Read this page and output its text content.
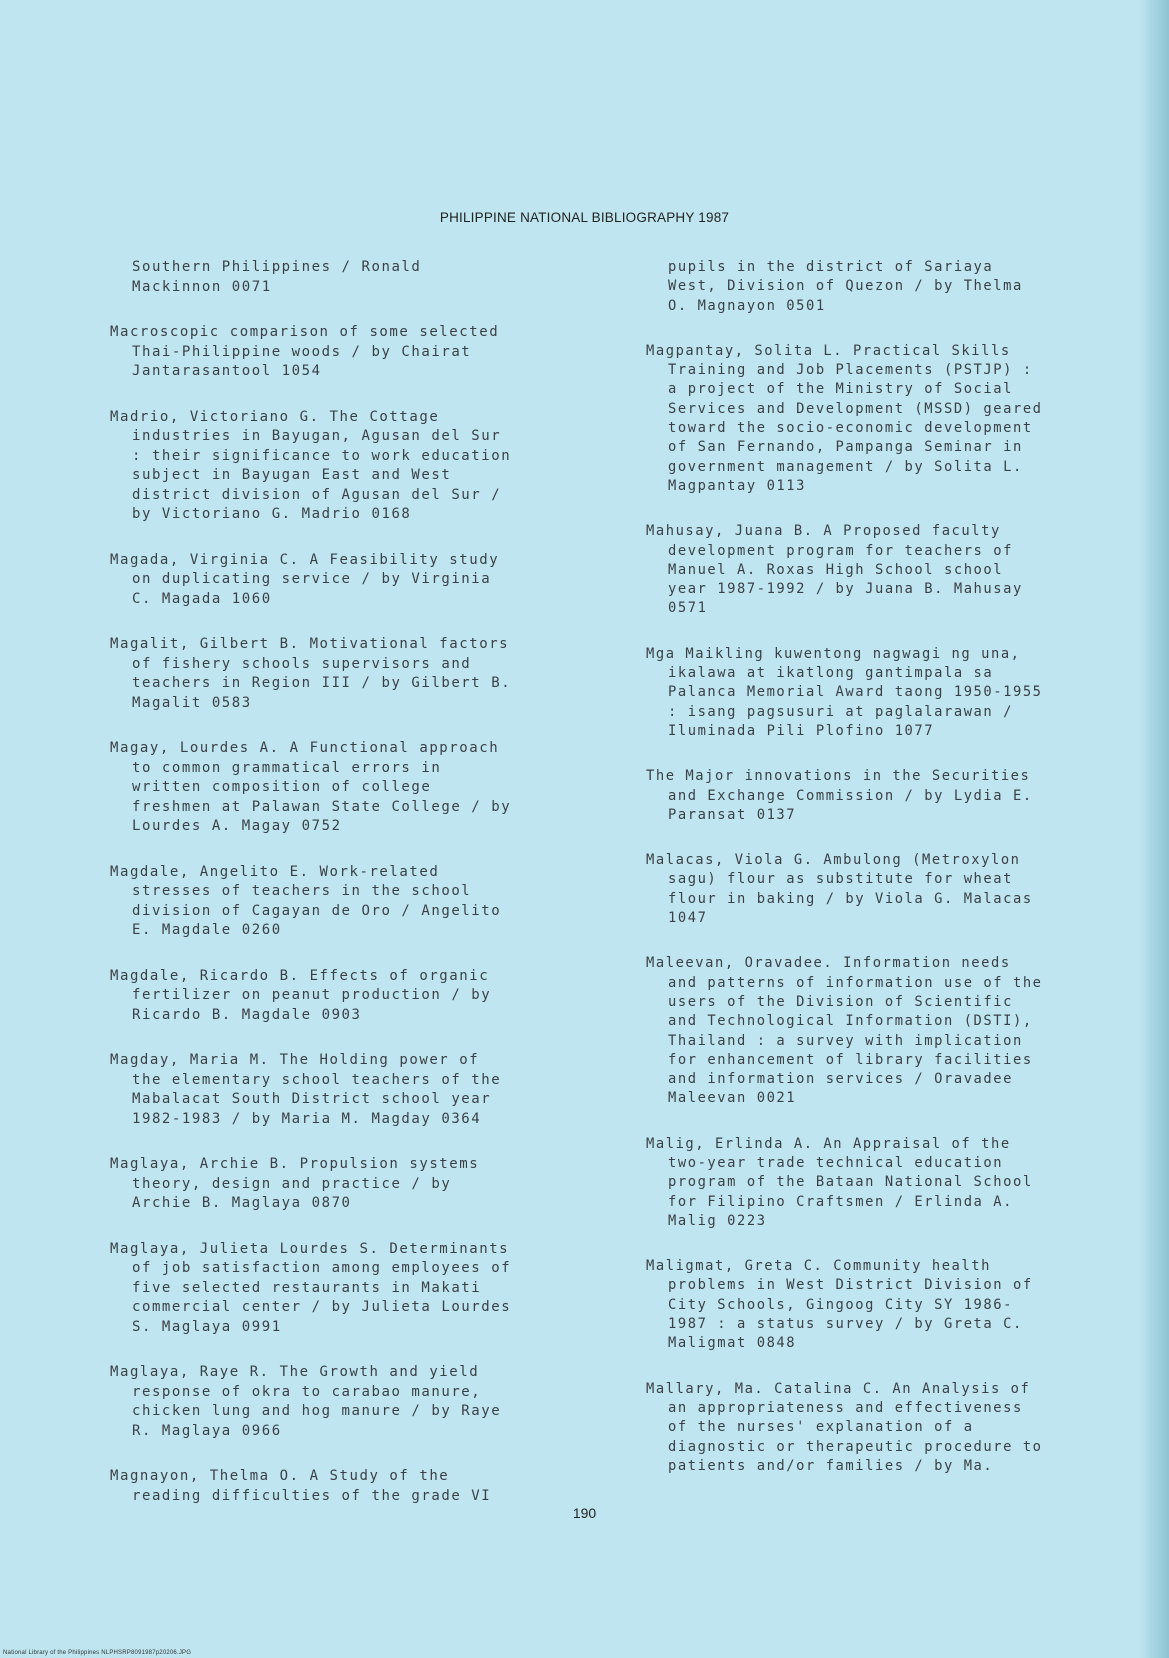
PHILIPPINE NATIONAL BIBLIOGRAPHY 1987
Southern Philippines / Ronald
Mackinnon 0071
Macroscopic comparison of some selected
Thai-Philippine woods / by Chairat
Jantarasantool 1054
Madrio, Victoriano G. The Cottage
industries in Bayugan, Agusan del Sur
: their significance to work education
subject in Bayugan East and West
district division of Agusan del Sur /
by Victoriano G. Madrio 0168
Magada, Virginia C. A Feasibility study
on duplicating service / by Virginia
C. Magada 1060
Magalit, Gilbert B. Motivational factors
of fishery schools supervisors and
teachers in Region III / by Gilbert B.
Magalit 0583
Magay, Lourdes A. A Functional approach
to common grammatical errors in
written composition of college
freshmen at Palawan State College / by
Lourdes A. Magay 0752
Magdale, Angelito E. Work-related
stresses of teachers in the school
division of Cagayan de Oro / Angelito
E. Magdale 0260
Magdale, Ricardo B. Effects of organic
fertilizer on peanut production / by
Ricardo B. Magdale 0903
Magday, Maria M. The Holding power of
the elementary school teachers of the
Mabalacat South District school year
1982-1983 / by Maria M. Magday 0364
Maglaya, Archie B. Propulsion systems
theory, design and practice / by
Archie B. Maglaya 0870
Maglaya, Julieta Lourdes S. Determinants
of job satisfaction among employees of
five selected restaurants in Makati
commercial center / by Julieta Lourdes
S. Maglaya 0991
Maglaya, Raye R. The Growth and yield
response of okra to carabao manure,
chicken lung and hog manure / by Raye
R. Maglaya 0966
Magnayon, Thelma O. A Study of the
reading difficulties of the grade VI
pupils in the district of Sariaya
West, Division of Quezon / by Thelma
O. Magnayon 0501
Magpantay, Solita L. Practical Skills
Training and Job Placements (PSTJP) :
a project of the Ministry of Social
Services and Development (MSSD) geared
toward the socio-economic development
of San Fernando, Pampanga Seminar in
government management / by Solita L.
Magpantay 0113
Mahusay, Juana B. A Proposed faculty
development program for teachers of
Manuel A. Roxas High School school
year 1987-1992 / by Juana B. Mahusay
0571
Mga Maikling kuwentong nagwagi ng una,
ikalawa at ikatlong gantimpala sa
Palanca Memorial Award taong 1950-1955
: isang pagsusuri at paglalarawan /
Iluminada Pili Plofino 1077
The Major innovations in the Securities
and Exchange Commission / by Lydia E.
Paransat 0137
Malacas, Viola G. Ambulong (Metroxylon
sagu) flour as substitute for wheat
flour in baking / by Viola G. Malacas
1047
Maleevan, Oravadee. Information needs
and patterns of information use of the
users of the Division of Scientific
and Technological Information (DSTI),
Thailand : a survey with implication
for enhancement of library facilities
and information services / Oravadee
Maleevan 0021
Malig, Erlinda A. An Appraisal of the
two-year trade technical education
program of the Bataan National School
for Filipino Craftsmen / Erlinda A.
Malig 0223
Maligmat, Greta C. Community health
problems in West District Division of
City Schools, Gingoog City SY 1986-
1987 : a status survey / by Greta C.
Maligmat 0848
Mallary, Ma. Catalina C. An Analysis of
an appropriateness and effectiveness
of the nurses' explanation of a
diagnostic or therapeutic procedure to
patients and/or families / by Ma.
190
National Library of the Philippines NLPHSRP8091987p20206.JPG
